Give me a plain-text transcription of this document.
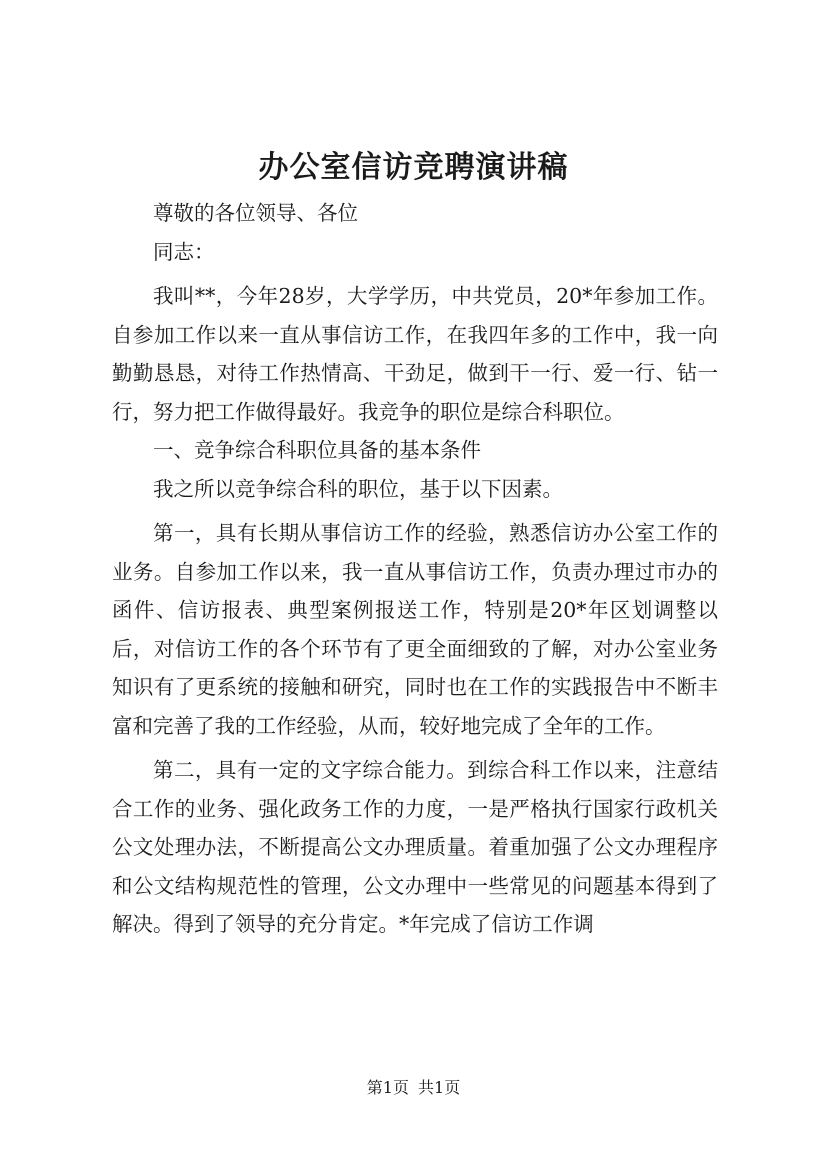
办公室信访竞聘演讲稿

尊敬的各位领导、各位

同志：

我叫**，今年28岁，大学学历，中共党员，20*年参加工作。自参加工作以来一直从事信访工作，在我四年多的工作中，我一向勤勤恳恳，对待工作热情高、干劲足，做到干一行、爱一行、钻一行，努力把工作做得最好。我竞争的职位是综合科职位。

一、竞争综合科职位具备的基本条件

我之所以竞争综合科的职位，基于以下因素。

第一，具有长期从事信访工作的经验，熟悉信访办公室工作的业务。自参加工作以来，我一直从事信访工作，负责办理过市办的函件、信访报表、典型案例报送工作，特别是20*年区划调整以后，对信访工作的各个环节有了更全面细致的了解，对办公室业务知识有了更系统的接触和研究，同时也在工作的实践报告中不断丰富和完善了我的工作经验，从而，较好地完成了全年的工作。

第二，具有一定的文字综合能力。到综合科工作以来，注意结合工作的业务、强化政务工作的力度，一是严格执行国家行政机关公文处理办法，不断提高公文办理质量。着重加强了公文办理程序和公文结构规范性的管理，公文办理中一些常见的问题基本得到了解决。得到了领导的充分肯定。*年完成了信访工作调

第1页 共1页
